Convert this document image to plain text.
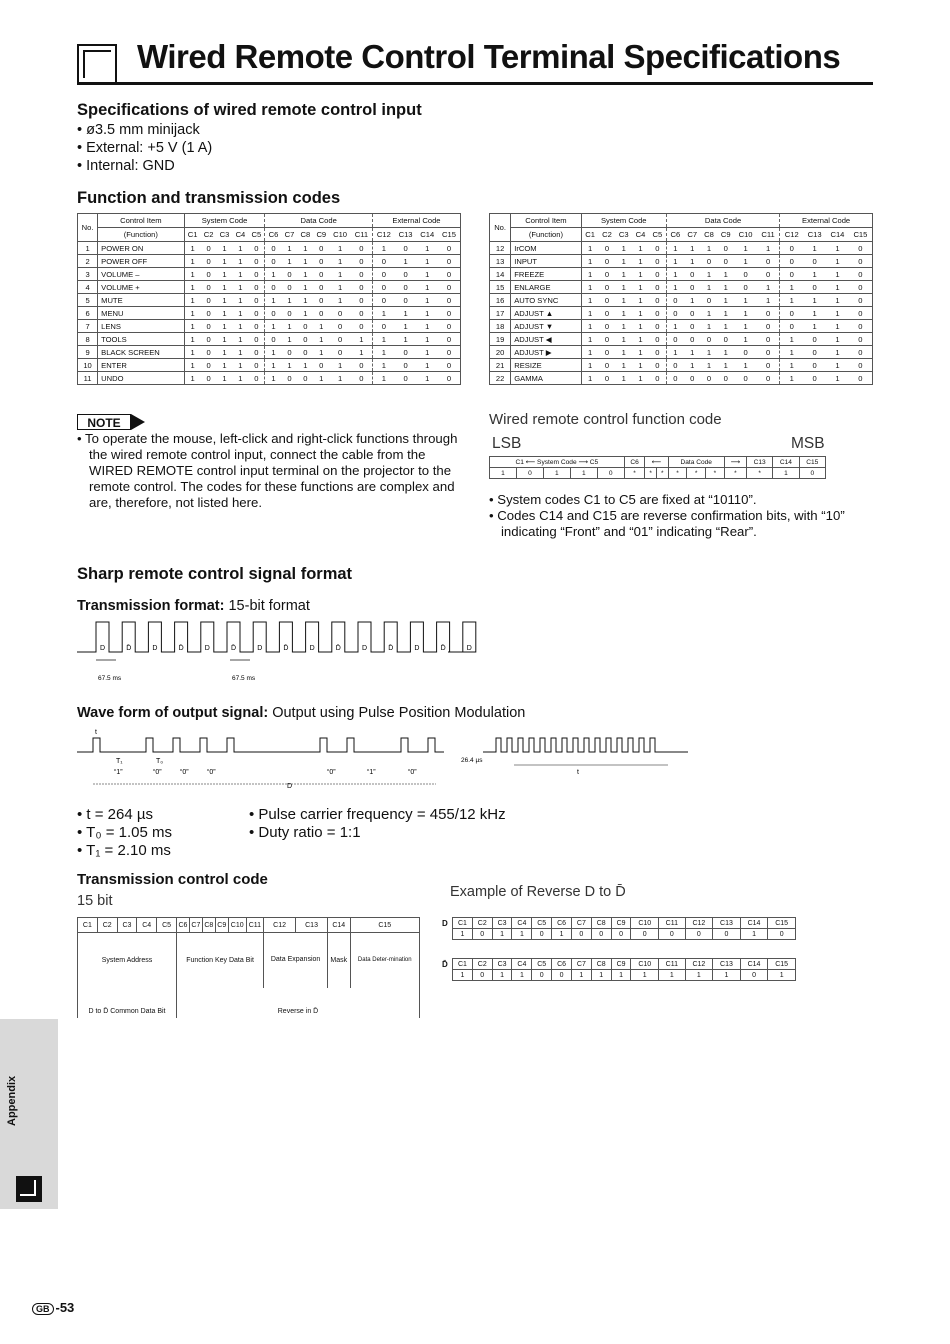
Wired Remote Control Terminal Specifications
Specifications of wired remote control input
• ø3.5 mm minijack
• External: +5 V (1 A)
• Internal: GND
Function and transmission codes
No.	Control Item	System Code					Data Code						External Code			
	(Function)	C1	C2	C3	C4	C5	C6	C7	C8	C9	C10	C11	C12	C13	C14	C15
1	POWER ON	1	0	1	1	0	0	1	1	0	1	0	1	0	1	0
2	POWER OFF	1	0	1	1	0	0	1	1	0	1	0	0	1	1	0
3	VOLUME –	1	0	1	1	0	1	0	1	0	1	0	0	0	1	0
4	VOLUME +	1	0	1	1	0	0	0	1	0	1	0	0	0	1	0
5	MUTE	1	0	1	1	0	1	1	1	0	1	0	0	0	1	0
6	MENU	1	0	1	1	0	0	0	1	0	0	0	1	1	1	0
7	LENS	1	0	1	1	0	1	1	0	1	0	0	0	1	1	0
8	TOOLS	1	0	1	1	0	0	1	0	1	0	1	1	1	1	0
9	BLACK SCREEN	1	0	1	1	0	1	0	0	1	0	1	1	0	1	0
10	ENTER	1	0	1	1	0	1	1	1	0	1	0	1	0	1	0
11	UNDO	1	0	1	1	0	1	0	0	1	1	0	1	0	1	0
No.	Control Item	System Code					Data Code						External Code			
	(Function)	C1	C2	C3	C4	C5	C6	C7	C8	C9	C10	C11	C12	C13	C14	C15
12	IrCOM	1	0	1	1	0	1	1	1	0	1	1	0	1	1	0
13	INPUT	1	0	1	1	0	1	1	0	0	1	0	0	0	1	0
14	FREEZE	1	0	1	1	0	1	0	1	1	0	0	0	1	1	0
15	ENLARGE	1	0	1	1	0	1	0	1	1	0	1	1	0	1	0
16	AUTO SYNC	1	0	1	1	0	0	1	0	1	1	1	1	1	1	0
17	ADJUST ▲	1	0	1	1	0	0	0	1	1	1	0	0	1	1	0
18	ADJUST ▼	1	0	1	1	0	1	0	1	1	1	0	0	1	1	0
19	ADJUST ◀	1	0	1	1	0	0	0	0	0	1	0	1	0	1	0
20	ADJUST ▶	1	0	1	1	0	1	1	1	1	0	0	1	0	1	0
21	RESIZE	1	0	1	1	0	0	1	1	1	1	0	1	0	1	0
22	GAMMA	1	0	1	1	0	0	0	0	0	0	0	1	0	1	0
NOTE
• To operate the mouse, left-click and right-click functions through the wired remote control input, connect the cable from the WIRED REMOTE control input terminal on the projector to the remote control. The codes for these functions are complex and are, therefore, not listed here.
Wired remote control function code
LSB	MSB
C1 ⟵ System Code ⟶ C5					C6	⟵		Data Code			⟶	C13	C14	C15
1	0	1	1	0	*	*	*	*	*	*	*	*	1	0
• System codes C1 to C5 are fixed at “10110”.
• Codes C14 and C15 are reverse confirmation bits, with “10” indicating “Front” and “01” indicating “Rear”.
Sharp remote control signal format
Transmission format: 15-bit format
D	D̄	D	D̄	D	D̄	D	D̄	D	D̄	D	D̄	D	D̄	D
67.5 ms	67.5 ms
Wave form of output signal: Output using Pulse Position Modulation
t
T₁	T₀
“1”	“0”	“0”	“0”	“0”	“1”	“0”
D
26.4 µs
t
• t = 264 µs
• T₀ = 1.05 ms
• T₁ = 2.10 ms
• Pulse carrier frequency = 455/12 kHz
• Duty ratio = 1:1
Transmission control code
15 bit
C1	C2	C3	C4	C5	C6	C7	C8	C9	C10	C11	C12	C13	C14	C15
System Address					Function Key Data Bit						Data Expansion		Mask	Data Deter-mination
D to D̄ Common Data Bit					Reverse in D̄									
Example of Reverse D to D̄
D C1	C2	C3	C4	C5	C6	C7	C8	C9	C10	C11	C12	C13	C14	C15
1	0	1	1	0	1	0	0	0	0	0	0	0	1	0
D̄ C1	C2	C3	C4	C5	C6	C7	C8	C9	C10	C11	C12	C13	C14	C15
1	0	1	1	0	0	1	1	1	1	1	1	1	0	1
Appendix
GB -53
